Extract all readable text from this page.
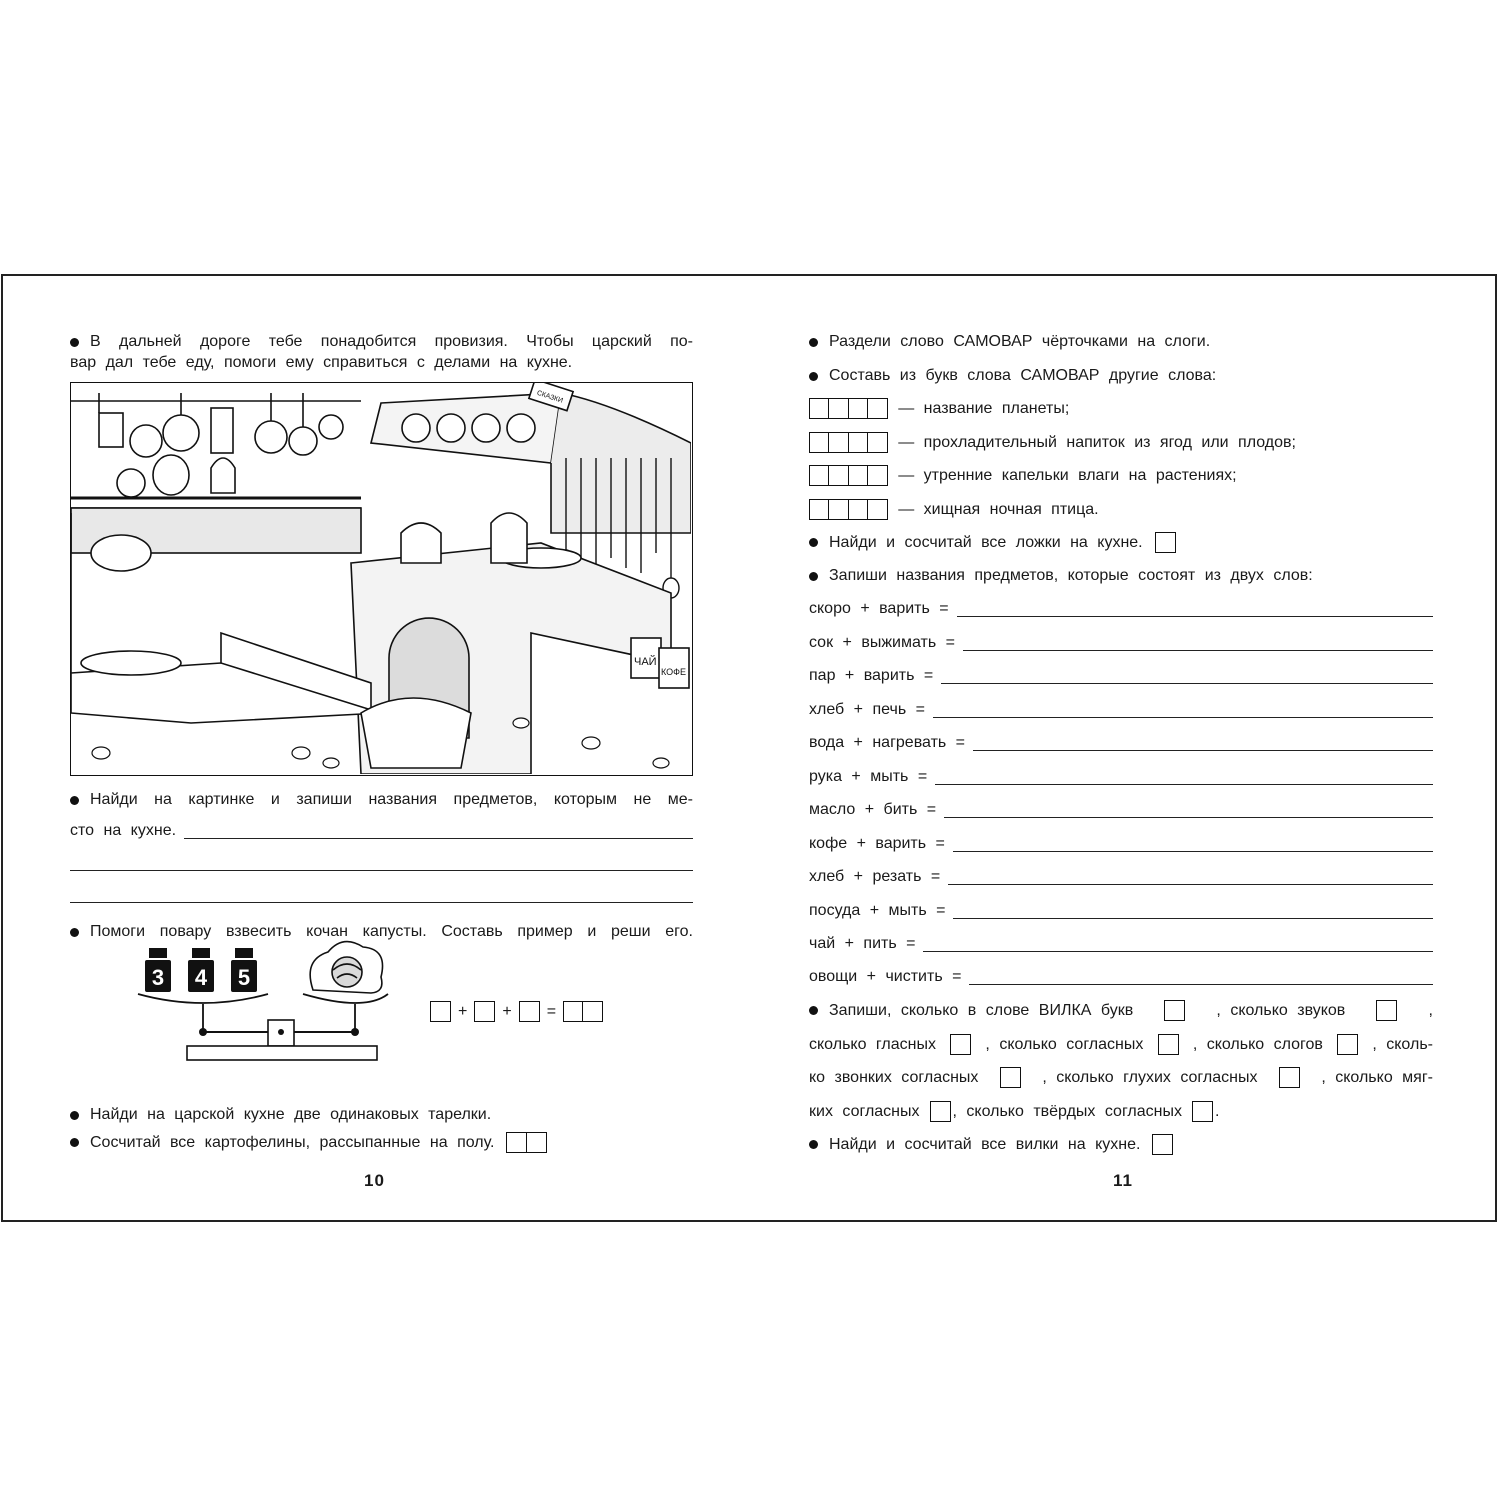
В дальней дороге тебе понадобится провизия. Чтобы царский по-
вар дал тебе еду, помоги ему справиться с делами на кухне.
ЧАЙ
КОФЕ
СКАЗКИ
Найди на картинке и запиши названия предметов, которым не ме-
сто на кухне.
Помоги повару взвесить кочан капусты. Составь пример и реши его.
3 4 5
+ + =
Найди на царской кухне две одинаковых тарелки.
Сосчитай все картофелины, рассыпанные на полу.
10
Раздели слово САМОВАР чёрточками на слоги.
Составь из букв слова САМОВАР другие слова:
— название планеты;
— прохладительный напиток из ягод или плодов;
— утренние капельки влаги на растениях;
— хищная ночная птица.
Найди и сосчитай все ложки на кухне.
Запиши названия предметов, которые состоят из двух слов:
скоро + варить =
сок + выжимать =
пар + варить =
хлеб + печь =
вода + нагревать =
рука + мыть =
масло + бить =
кофе + варить =
хлеб + резать =
посуда + мыть =
чай + пить =
овощи + чистить =
Запиши, сколько в слове ВИЛКА букв	, сколько звуков	,
сколько гласных	, сколько согласных	, сколько слогов	, сколь-
ко звонких согласных	, сколько глухих согласных	, сколько мяг-
ких согласных , сколько твёрдых согласных .
Найди и сосчитай все вилки на кухне.
11
